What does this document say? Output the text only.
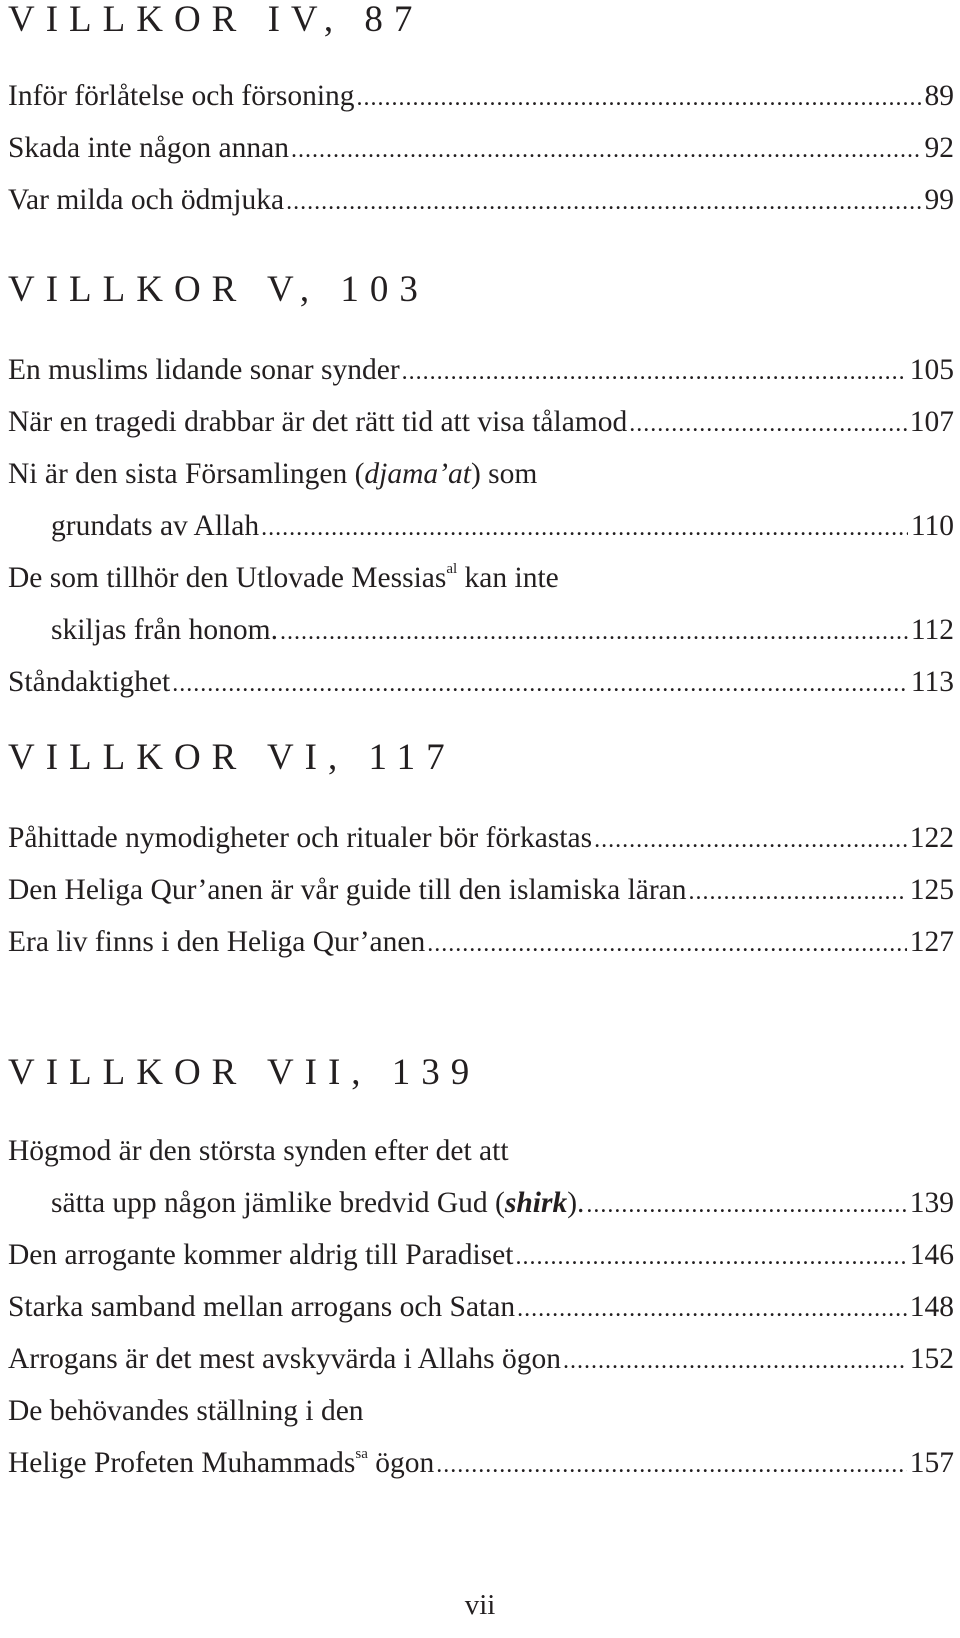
VILLKOR IV, 87
Inför förlåtelse och försoning .....	89
Skada inte någon annan .....	92
Var milda och ödmjuka .....	99
VILLKOR V, 103
En muslims lidande sonar synder .....	105
När en tragedi drabbar är det rätt tid att visa tålamod .....	107
Ni är den sista Församlingen (djama’at) som
grundats av Allah .....	110
De som tillhör den Utlovade Messias$^{al}$ kan inte
skiljas från honom. .....	112
Ståndaktighet .....	113
VILLKOR VI, 117
Påhittade nymodigheter och ritualer bör förkastas .....	122
Den Heliga Qur’anen är vår guide till den islamiska läran .....	125
Era liv finns i den Heliga Qur’anen .....	127
VILLKOR VII, 139
Högmod är den största synden efter det att
sätta upp någon jämlike bredvid Gud (shirk). .....	139
Den arrogante kommer aldrig till Paradiset .....	146
Starka samband mellan arrogans och Satan .....	148
Arrogans är det mest avskyvärda i Allahs ögon .....	152
De behövandes ställning i den
Helige Profeten Muhammads$^{sa}$ ögon .....	157
vii
